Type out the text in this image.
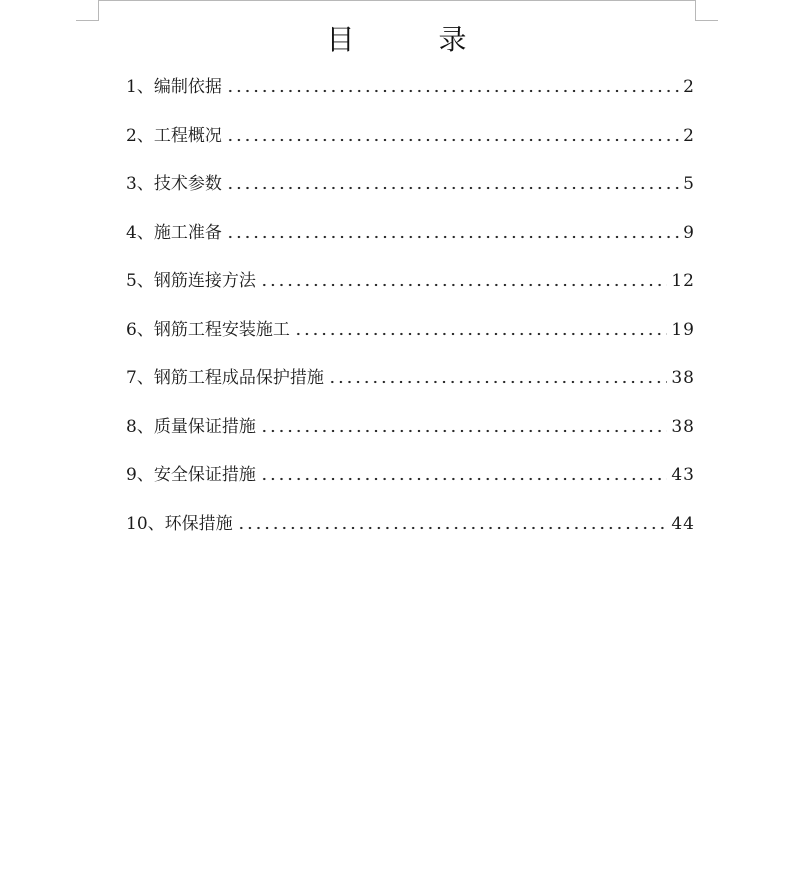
目　录
1、编制依据	2
2、工程概况	2
3、技术参数	5
4、施工准备	9
5、钢筋连接方法	12
6、钢筋工程安装施工	19
7、钢筋工程成品保护措施	38
8、质量保证措施	38
9、安全保证措施	43
10、环保措施	44
